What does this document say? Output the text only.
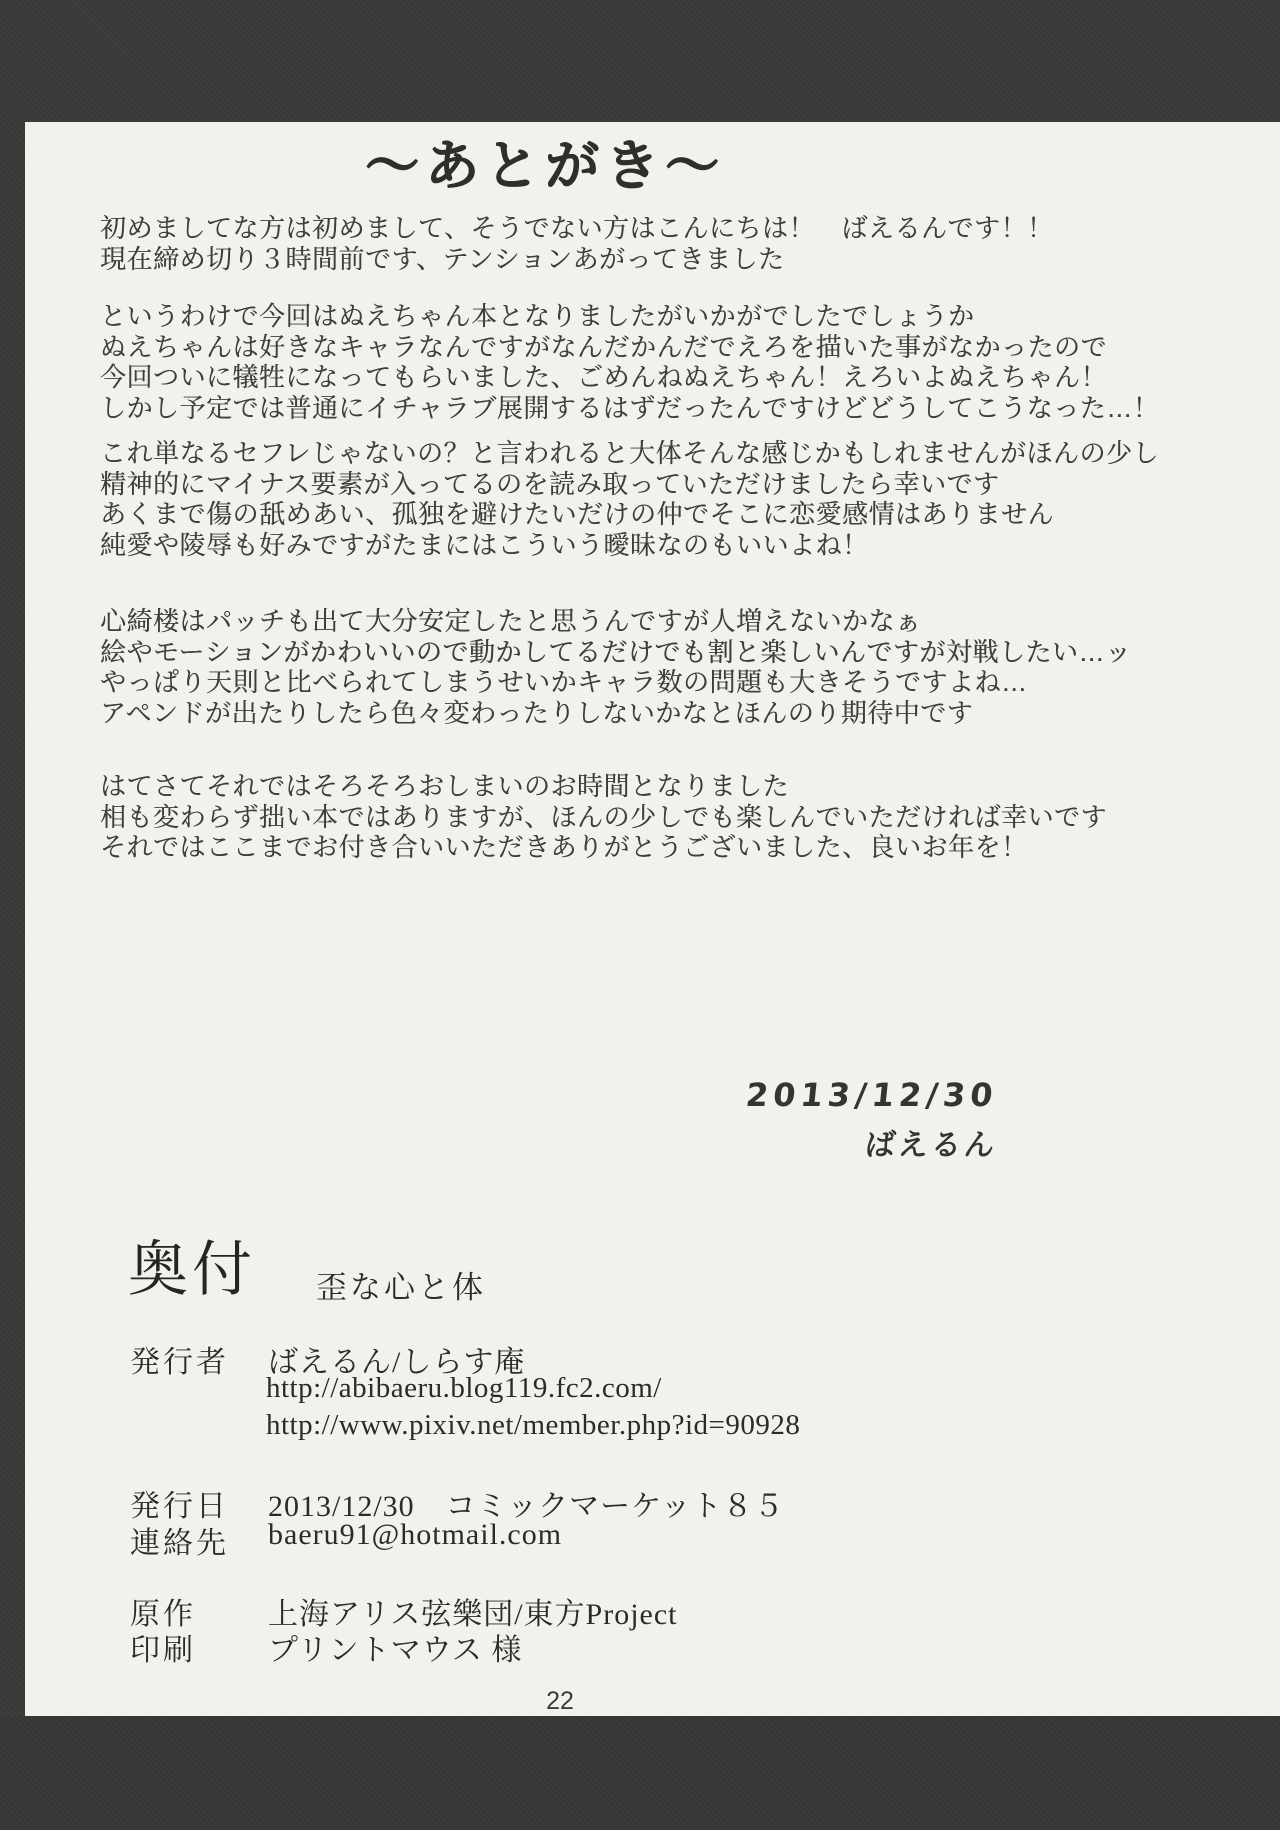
～あとがき～
初めましてな方は初めまして、そうでない方はこんにちは！　ばえるんです！！
現在締め切り３時間前です、テンションあがってきました
というわけで今回はぬえちゃん本となりましたがいかがでしたでしょうか
ぬえちゃんは好きなキャラなんですがなんだかんだでえろを描いた事がなかったので
今回ついに犠牲になってもらいました、ごめんねぬえちゃん！えろいよぬえちゃん！
しかし予定では普通にイチャラブ展開するはずだったんですけどどうしてこうなった…！
これ単なるセフレじゃないの？と言われると大体そんな感じかもしれませんがほんの少し
精神的にマイナス要素が入ってるのを読み取っていただけましたら幸いです
あくまで傷の舐めあい、孤独を避けたいだけの仲でそこに恋愛感情はありません
純愛や陵辱も好みですがたまにはこういう曖昧なのもいいよね！
心綺楼はパッチも出て大分安定したと思うんですが人増えないかなぁ
絵やモーションがかわいいので動かしてるだけでも割と楽しいんですが対戦したい…ッ
やっぱり天則と比べられてしまうせいかキャラ数の問題も大きそうですよね…
アペンドが出たりしたら色々変わったりしないかなとほんのり期待中です
はてさてそれではそろそろおしまいのお時間となりました
相も変わらず拙い本ではありますが、ほんの少しでも楽しんでいただければ幸いです
それではここまでお付き合いいただきありがとうございました、良いお年を！
2013/12/30
ばえるん
奥付 歪な心と体
発行者 ばえるん/しらす庵
http://abibaeru.blog119.fc2.com/
http://www.pixiv.net/member.php?id=90928
発行日 2013/12/30　コミックマーケット８５
連絡先 baeru91@hotmail.com
原作 上海アリス弦樂団/東方Project
印刷 プリントマウス 様
22
